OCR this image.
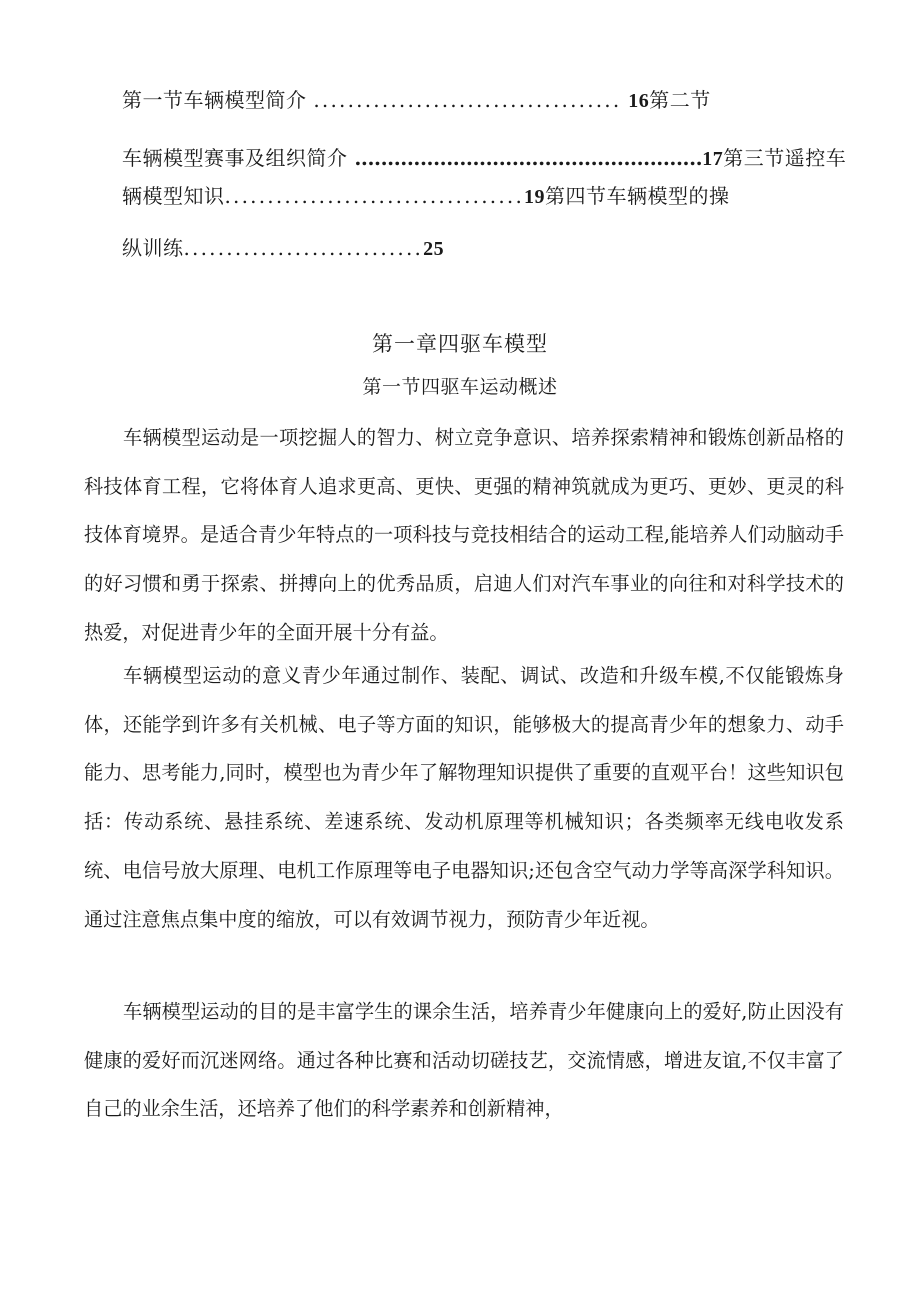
第一节车辆模型简介 .................................... 16第二节
车辆模型赛事及组织简介 .....................................................17第三节遥控车
辆模型知识...................................19第四节车辆模型的操
纵训练............................25
第一章四驱车模型
第一节四驱车运动概述

车辆模型运动是一项挖掘人的智力、树立竞争意识、培养探索精神和锻炼创新品格的科技体育工程，它将体育人追求更高、更快、更强的精神筑就成为更巧、更妙、更灵的科技体育境界。是适合青少年特点的一项科技与竞技相结合的运动工程,能培养人们动脑动手的好习惯和勇于探索、拼搏向上的优秀品质，启迪人们对汽车事业的向往和对科学技术的热爱，对促进青少年的全面开展十分有益。

车辆模型运动的意义青少年通过制作、装配、调试、改造和升级车模,不仅能锻炼身体，还能学到许多有关机械、电子等方面的知识，能够极大的提高青少年的想象力、动手能力、思考能力,同时，模型也为青少年了解物理知识提供了重要的直观平台！这些知识包括：传动系统、悬挂系统、差速系统、发动机原理等机械知识；各类频率无线电收发系统、电信号放大原理、电机工作原理等电子电器知识;还包含空气动力学等高深学科知识。通过注意焦点集中度的缩放，可以有效调节视力，预防青少年近视。

车辆模型运动的目的是丰富学生的课余生活，培养青少年健康向上的爱好,防止因没有健康的爱好而沉迷网络。通过各种比赛和活动切磋技艺，交流情感，增进友谊,不仅丰富了自己的业余生活，还培养了他们的科学素养和创新精神，
